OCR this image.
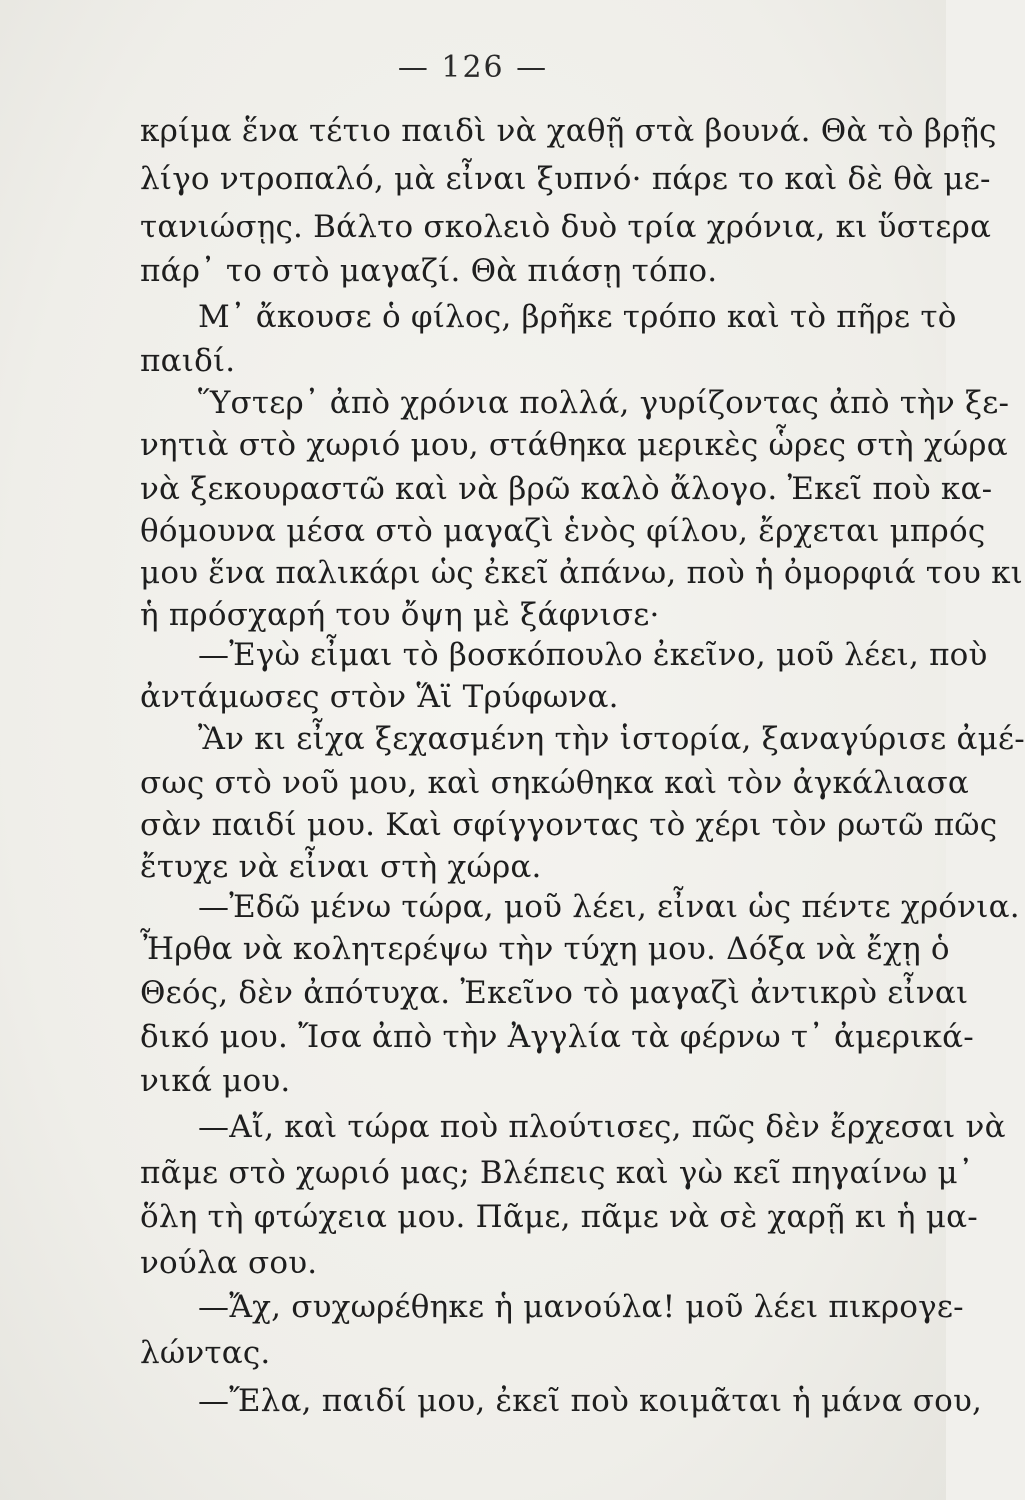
— 126 —
κρίμα ἕνα τέτιο παιδὶ νὰ χαθῇ στὰ βουνά. Θὰ τὸ βρῇς
λίγο ντροπαλό, μὰ εἶναι ξυπνό· πάρε το καὶ δὲ θὰ με-
τανιώσῃς. Βάλτο σκολειὸ δυὸ τρία χρόνια, κι ὕστερα
πάρ᾽ το στὸ μαγαζί. Θὰ πιάσῃ τόπο.
Μ᾽ ἄκουσε ὁ φίλος, βρῆκε τρόπο καὶ τὸ πῆρε τὸ
παιδί.
Ὕστερ᾽ ἀπὸ χρόνια πολλά, γυρίζοντας ἀπὸ τὴν ξε-
νητιὰ στὸ χωριό μου, στάθηκα μερικὲς ὧρες στὴ χώρα
νὰ ξεκουραστῶ καὶ νὰ βρῶ καλὸ ἄλογο. Ἐκεῖ ποὺ κα-
θόμουνα μέσα στὸ μαγαζὶ ἑνὸς φίλου, ἔρχεται μπρός
μου ἕνα παλικάρι ὡς ἐκεῖ ἀπάνω, ποὺ ἡ ὀμορφιά του κι
ἡ πρόσχαρή του ὄψη μὲ ξάφνισε·
—Ἐγὼ εἶμαι τὸ βοσκόπουλο ἐκεῖνο, μοῦ λέει, ποὺ
ἀντάμωσες στὸν Ἅϊ Τρύφωνα.
Ἂν κι εἶχα ξεχασμένη τὴν ἱστορία, ξαναγύρισε ἀμέ-
σως στὸ νοῦ μου, καὶ σηκώθηκα καὶ τὸν ἀγκάλιασα
σὰν παιδί μου. Καὶ σφίγγοντας τὸ χέρι τὸν ρωτῶ πῶς
ἔτυχε νὰ εἶναι στὴ χώρα.
—Ἐδῶ μένω τώρα, μοῦ λέει, εἶναι ὡς πέντε χρόνια.
Ἦρθα νὰ κολητερέψω τὴν τύχη μου. Δόξα νὰ ἔχῃ ὁ
Θεός, δὲν ἀπότυχα. Ἐκεῖνο τὸ μαγαζὶ ἀντικρὺ εἶναι
δικό μου. Ἴσα ἀπὸ τὴν Ἀγγλία τὰ φέρνω τ᾽ ἀμερικά-
νικά μου.
—Αἴ, καὶ τώρα ποὺ πλούτισες, πῶς δὲν ἔρχεσαι νὰ
πᾶμε στὸ χωριό μας; Βλέπεις καὶ γὼ κεῖ πηγαίνω μ᾽
ὅλη τὴ φτώχεια μου. Πᾶμε, πᾶμε νὰ σὲ χαρῇ κι ἡ μα-
νούλα σου.
—Ἄχ, συχωρέθηκε ἡ μανούλα! μοῦ λέει πικρογε-
λώντας.
—Ἔλα, παιδί μου, ἐκεῖ ποὺ κοιμᾶται ἡ μάνα σου,
